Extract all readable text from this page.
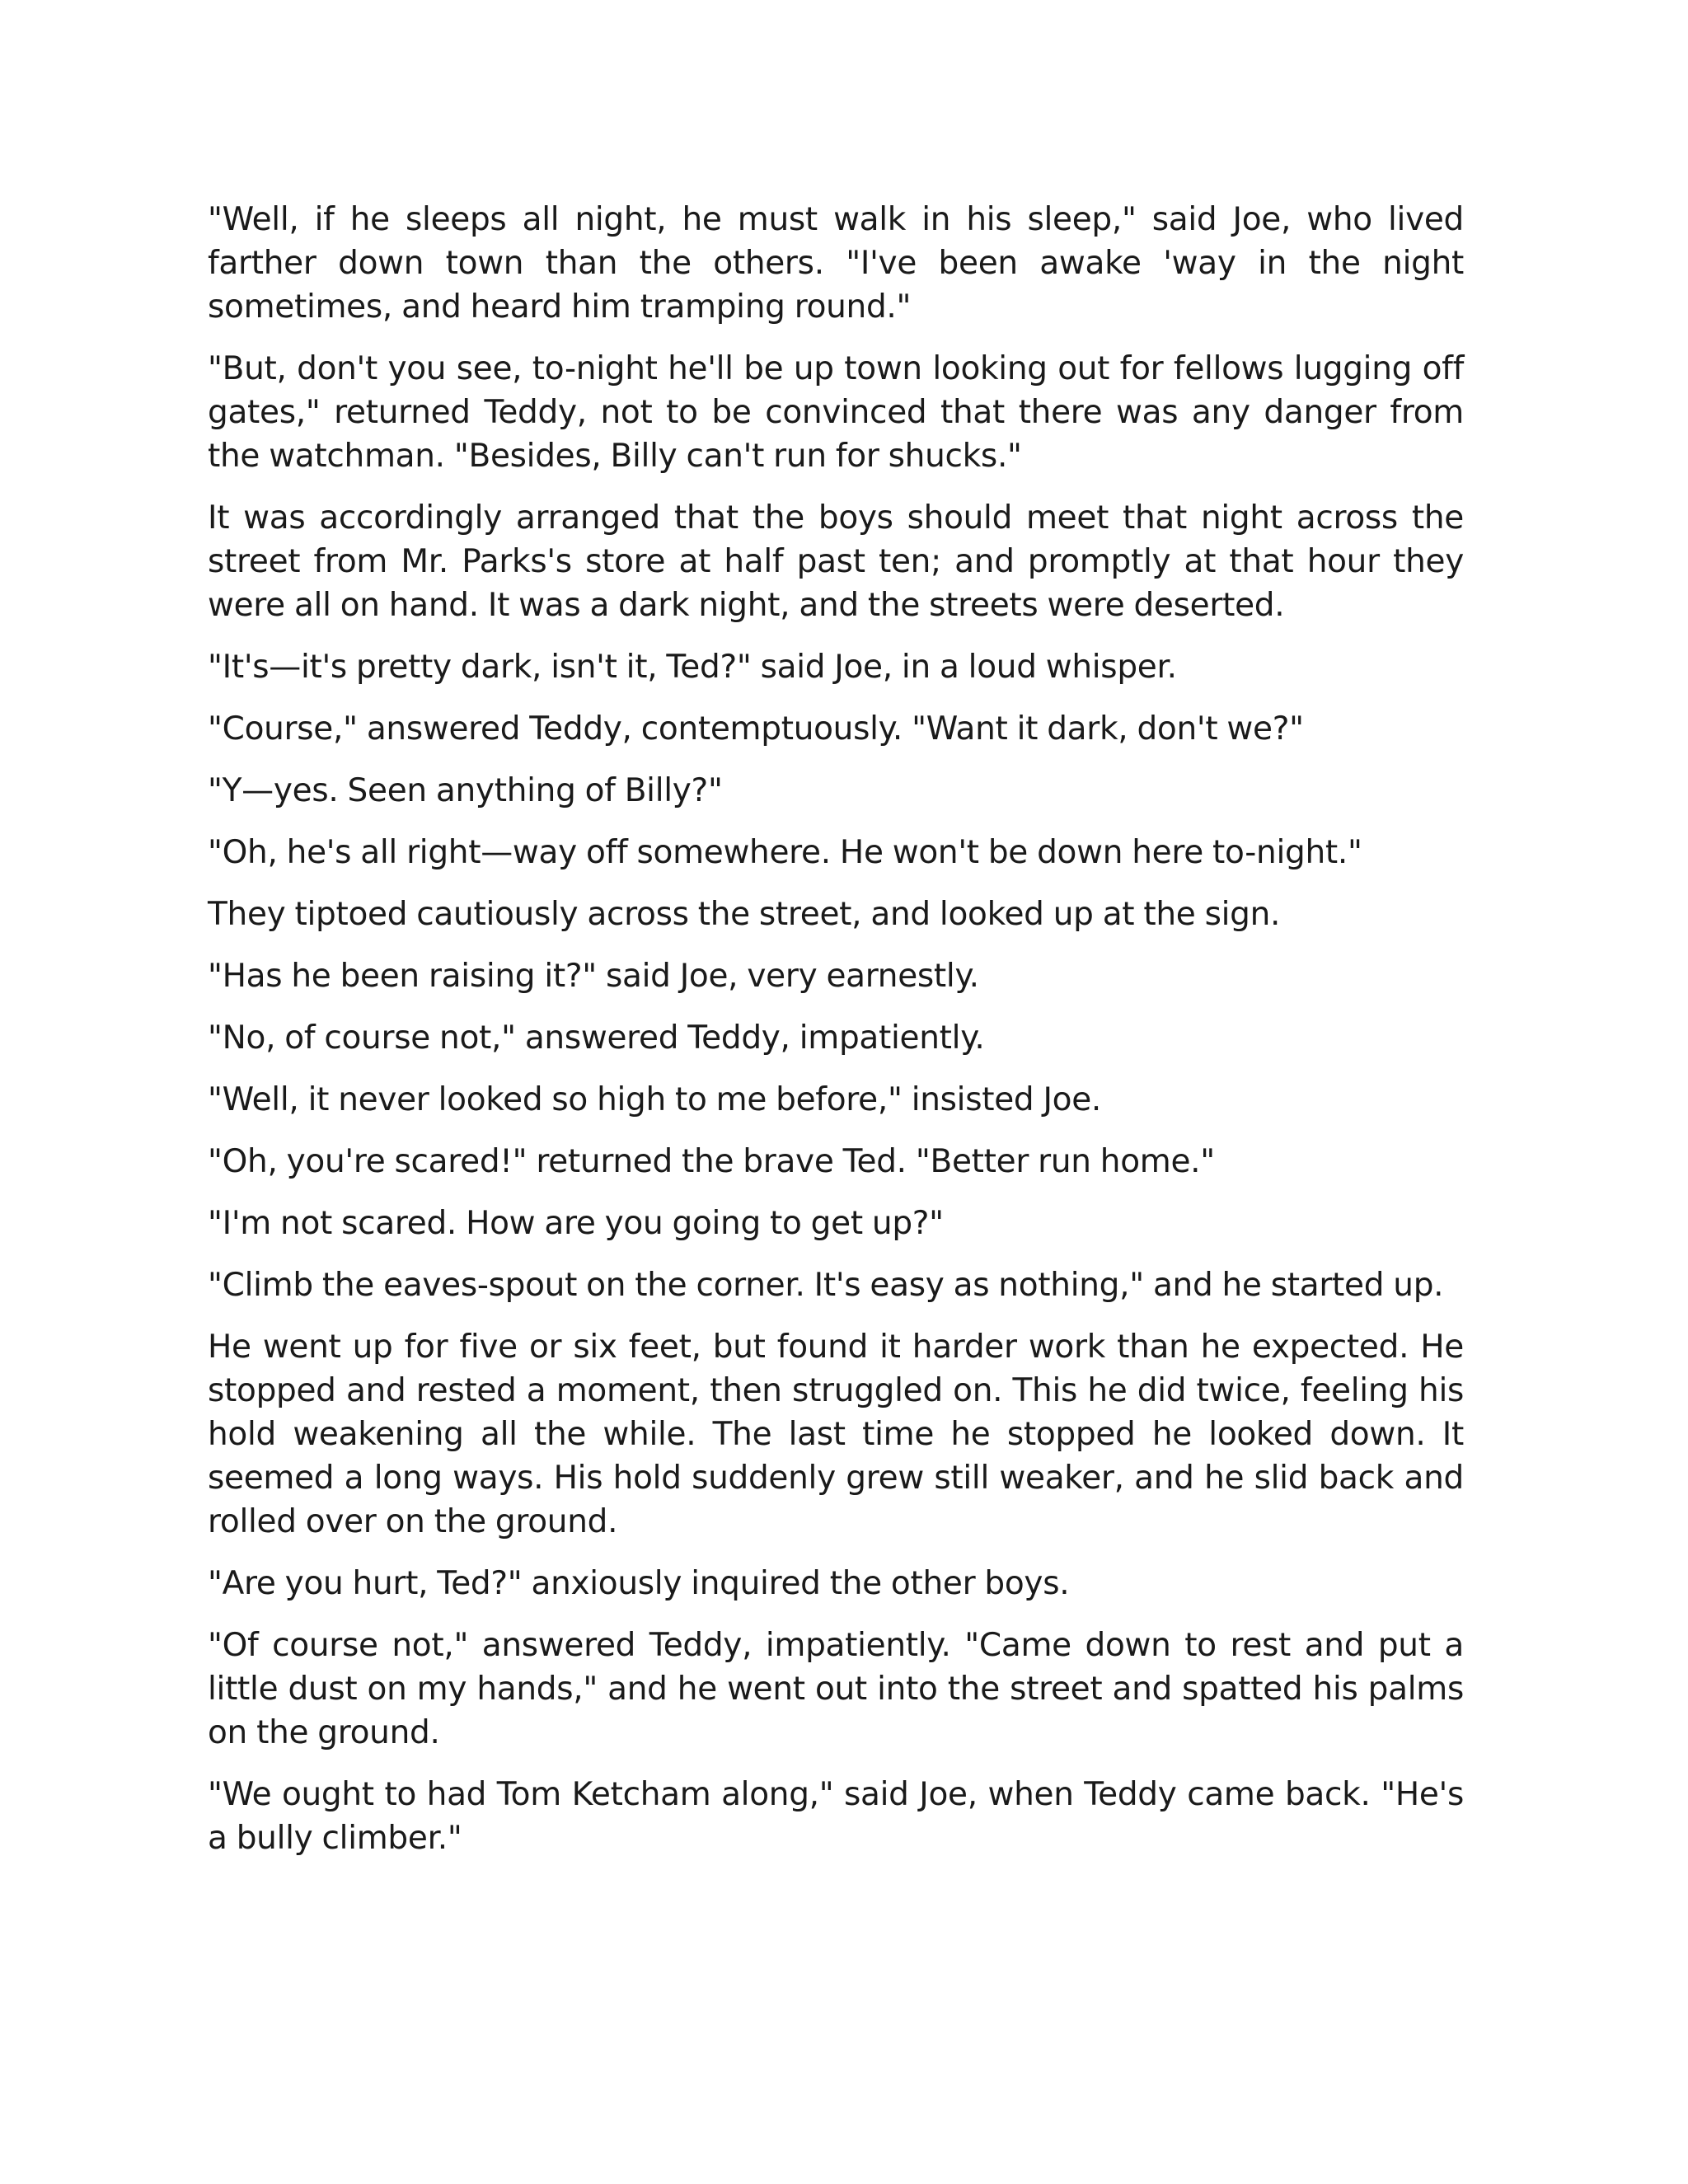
"Well, if he sleeps all night, he must walk in his sleep," said Joe, who lived farther down town than the others. "I've been awake 'way in the night sometimes, and heard him tramping round."

"But, don't you see, to-night he'll be up town looking out for fellows lugging off gates," returned Teddy, not to be convinced that there was any danger from the watchman. "Besides, Billy can't run for shucks."

It was accordingly arranged that the boys should meet that night across the street from Mr. Parks's store at half past ten; and promptly at that hour they were all on hand. It was a dark night, and the streets were deserted.

"It's—it's pretty dark, isn't it, Ted?" said Joe, in a loud whisper.

"Course," answered Teddy, contemptuously. "Want it dark, don't we?"

"Y—yes. Seen anything of Billy?"

"Oh, he's all right—way off somewhere. He won't be down here to-night."

They tiptoed cautiously across the street, and looked up at the sign.

"Has he been raising it?" said Joe, very earnestly.

"No, of course not," answered Teddy, impatiently.

"Well, it never looked so high to me before," insisted Joe.

"Oh, you're scared!" returned the brave Ted. "Better run home."

"I'm not scared. How are you going to get up?"

"Climb the eaves-spout on the corner. It's easy as nothing," and he started up.

He went up for five or six feet, but found it harder work than he expected. He stopped and rested a moment, then struggled on. This he did twice, feeling his hold weakening all the while. The last time he stopped he looked down. It seemed a long ways. His hold suddenly grew still weaker, and he slid back and rolled over on the ground.

"Are you hurt, Ted?" anxiously inquired the other boys.

"Of course not," answered Teddy, impatiently. "Came down to rest and put a little dust on my hands," and he went out into the street and spatted his palms on the ground.

"We ought to had Tom Ketcham along," said Joe, when Teddy came back. "He's a bully climber."
